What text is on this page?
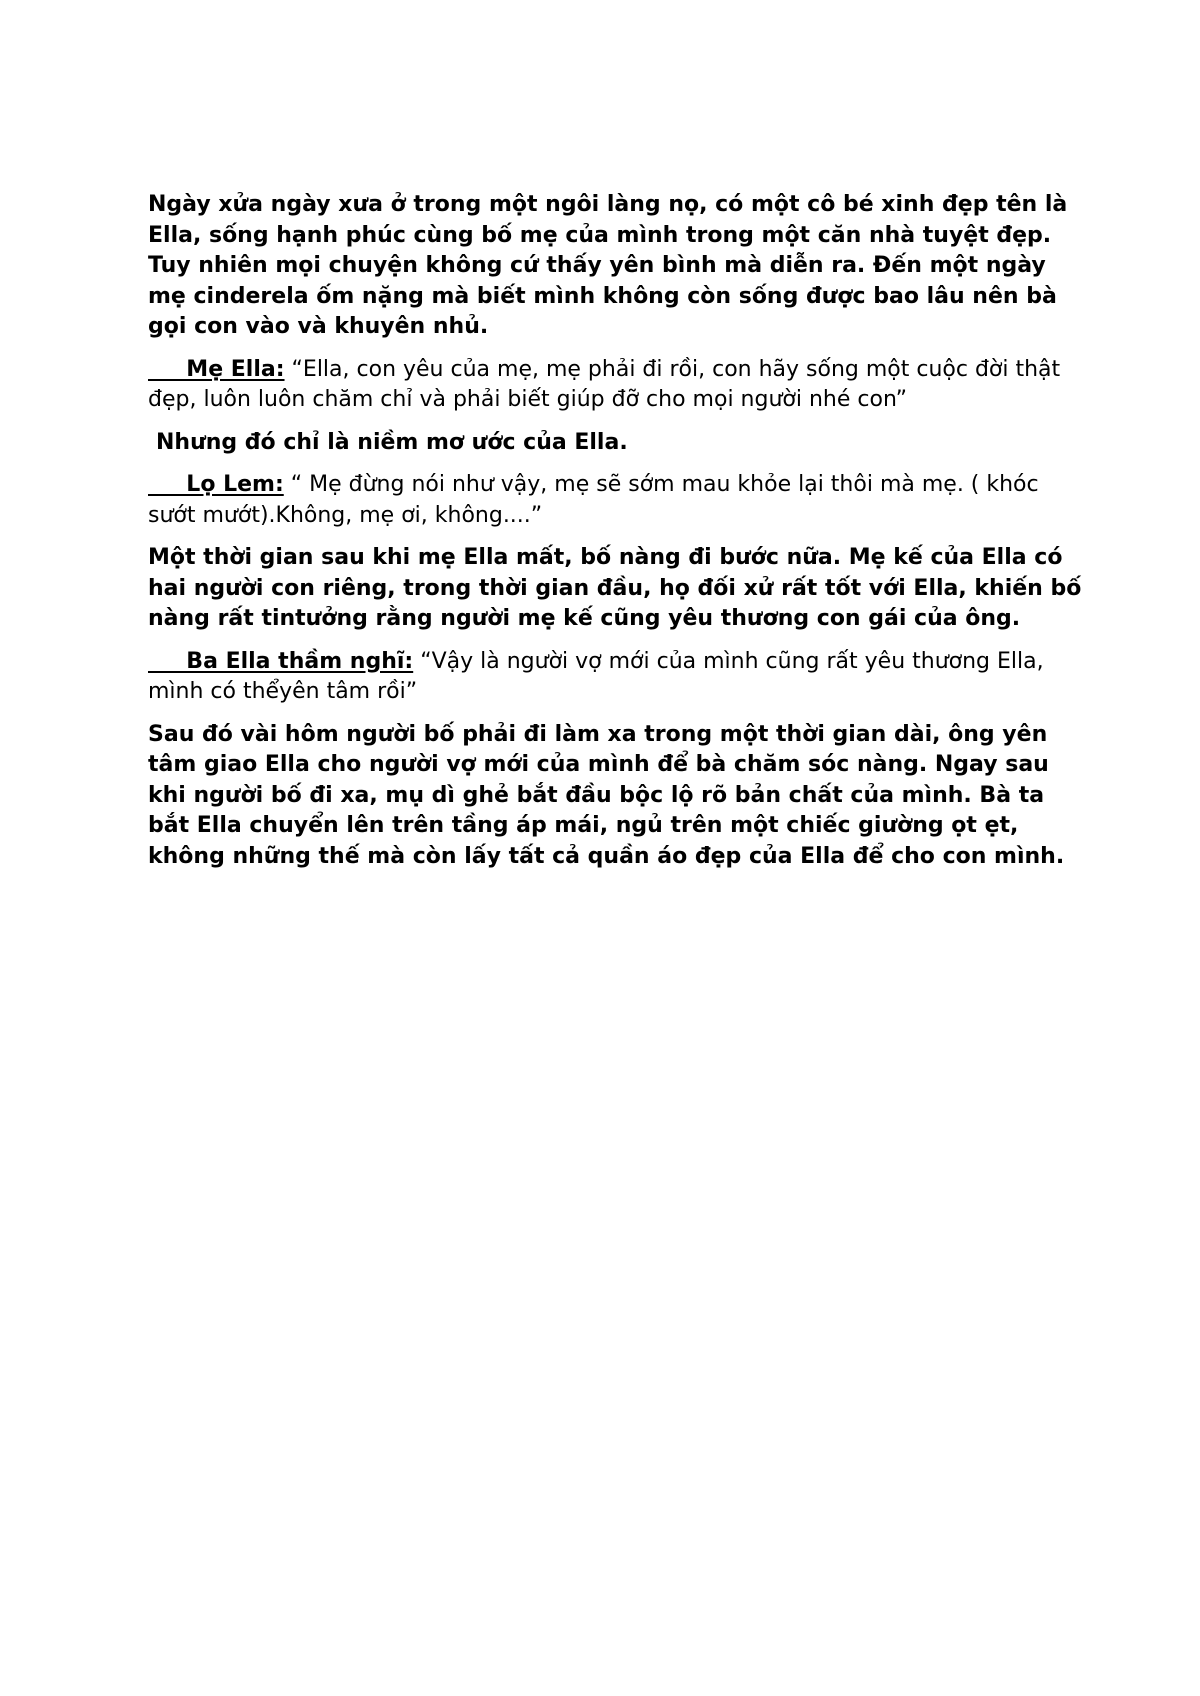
Ngày xửa ngày xưa ở trong một ngôi làng nọ, có một cô bé xinh đẹp tên là Ella, sống hạnh phúc cùng bố mẹ của mình trong một căn nhà tuyệt đẹp. Tuy nhiên mọi chuyện không cứ thấy yên bình mà diễn ra. Đến một ngày mẹ cinderela ốm nặng mà biết mình không còn sống được bao lâu nên bà gọi con vào và khuyên nhủ.

Mẹ Ella: “Ella, con yêu của mẹ, mẹ phải đi rồi, con hãy sống một cuộc đời thật đẹp, luôn luôn chăm chỉ và phải biết giúp đỡ cho mọi người nhé con”

Nhưng đó chỉ là niềm mơ ước của Ella.

Lọ Lem: “ Mẹ đừng nói như vậy, mẹ sẽ sớm mau khỏe lại thôi mà mẹ. ( khóc sướt mướt).Không, mẹ ơi, không....”

Một thời gian sau khi mẹ Ella mất, bố nàng đi bước nữa. Mẹ kế của Ella có hai người con riêng, trong thời gian đầu, họ đối xử rất tốt với Ella, khiến bố nàng rất tintưởng rằng người mẹ kế cũng yêu thương con gái của ông.

Ba Ella thầm nghĩ: “Vậy là người vợ mới của mình cũng rất yêu thương Ella, mình có thểyên tâm rồi”

Sau đó vài hôm người bố phải đi làm xa trong một thời gian dài, ông yên tâm giao Ella cho người vợ mới của mình để bà chăm sóc nàng. Ngay sau khi người bố đi xa, mụ dì ghẻ bắt đầu bộc lộ rõ bản chất của mình. Bà ta bắt Ella chuyển lên trên tầng áp mái, ngủ trên một chiếc giường ọt ẹt, không những thế mà còn lấy tất cả quần áo đẹp của Ella để cho con mình.
